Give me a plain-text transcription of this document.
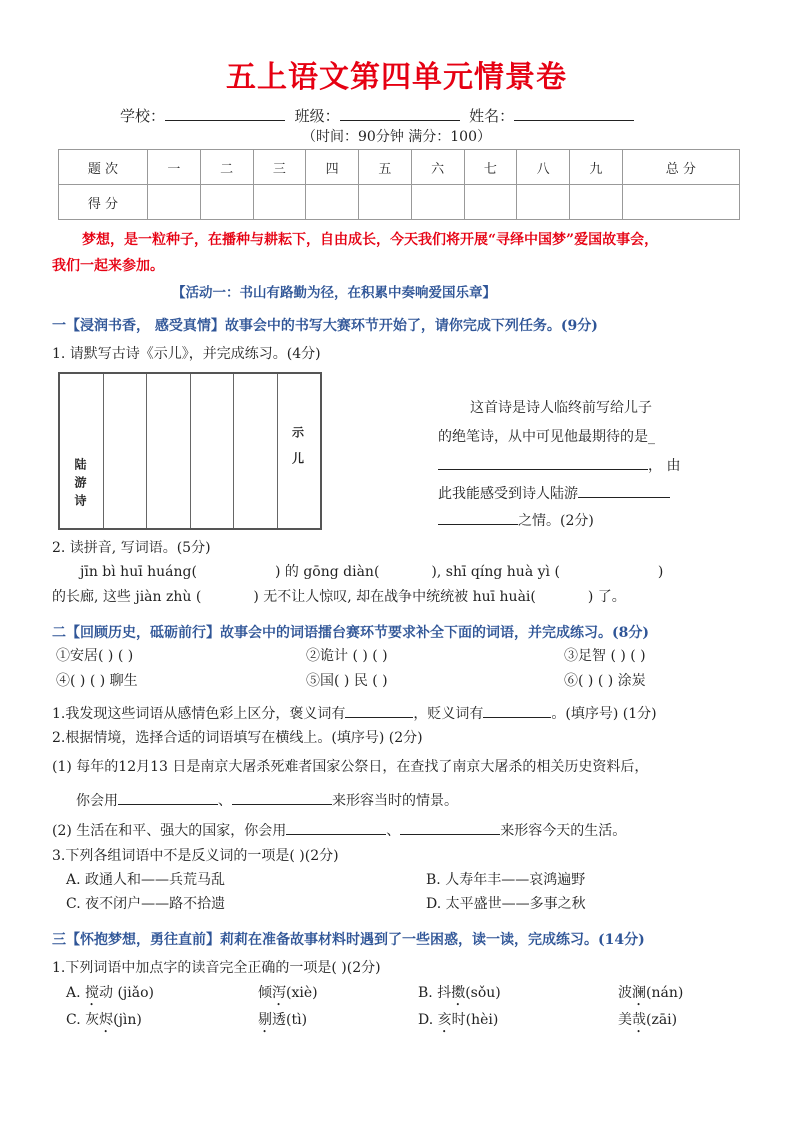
五上语文第四单元情景卷
学校：	班级：	姓名：
（时间：90分钟 满分：100）
题 次	一	二	三	四	五	六	七	八	九	总 分
得 分										
梦想，是一粒种子，在播种与耕耘下，自由成长，今天我们将开展“寻绎中国梦”爱国故事会，
我们一起来参加。
【活动一：书山有路勤为径，在积累中奏响爱国乐章】
一【浸润书香， 感受真情】故事会中的书写大赛环节开始了，请你完成下列任务。(9分)
1. 请默写古诗《示儿》，并完成练习。(4分)
陆游诗
示儿
这首诗是诗人临终前写给儿子
的绝笔诗，从中可见他最期待的是_
， 由
此我能感受到诗人陆游
之情。(2分)
2. 读拼音, 写词语。(5分)
jīn bì huī huáng(	) 的 gōng diàn(	), shī qíng huà yì (	)
的长廊, 这些 jiàn zhù (	) 无不让人惊叹, 却在战争中统统被 huī huài(	) 了。
二【回顾历史，砥砺前行】故事会中的词语擂台赛环节要求补全下面的词语，并完成练习。(8分)
①安居( ) ( )	②诡计 ( ) ( )	③足智 ( ) ( )
④( ) ( ) 聊生	⑤国( ) 民 ( )	⑥( ) ( ) 涂炭
1.我发现这些词语从感情色彩上区分，褒义词有	，贬义词有	。(填序号) (1分)
2.根据情境，选择合适的词语填写在横线上。(填序号) (2分)
(1) 每年的12月13 日是南京大屠杀死难者国家公祭日，在查找了南京大屠杀的相关历史资料后，
你会用	、	来形容当时的情景。
(2) 生活在和平、强大的国家，你会用	、	来形容今天的生活。
3.下列各组词语中不是反义词的一项是( )(2分)
A. 政通人和——兵荒马乱	B. 人寿年丰——哀鸿遍野
C. 夜不闭户——路不拾遗	D. 太平盛世——多事之秋
三【怀抱梦想，勇往直前】莉莉在准备故事材料时遇到了一些困惑，读一读，完成练习。(14分)
1.下列词语中加点字的读音完全正确的一项是( )(2分)
A. 搅动 (jiǎo)	倾泻(xiè)	B. 抖擞(sǒu)	波澜(nán)
C. 灰烬(jìn)	剔透(tì)	D. 亥时(hèi)	美哉(zāi)
